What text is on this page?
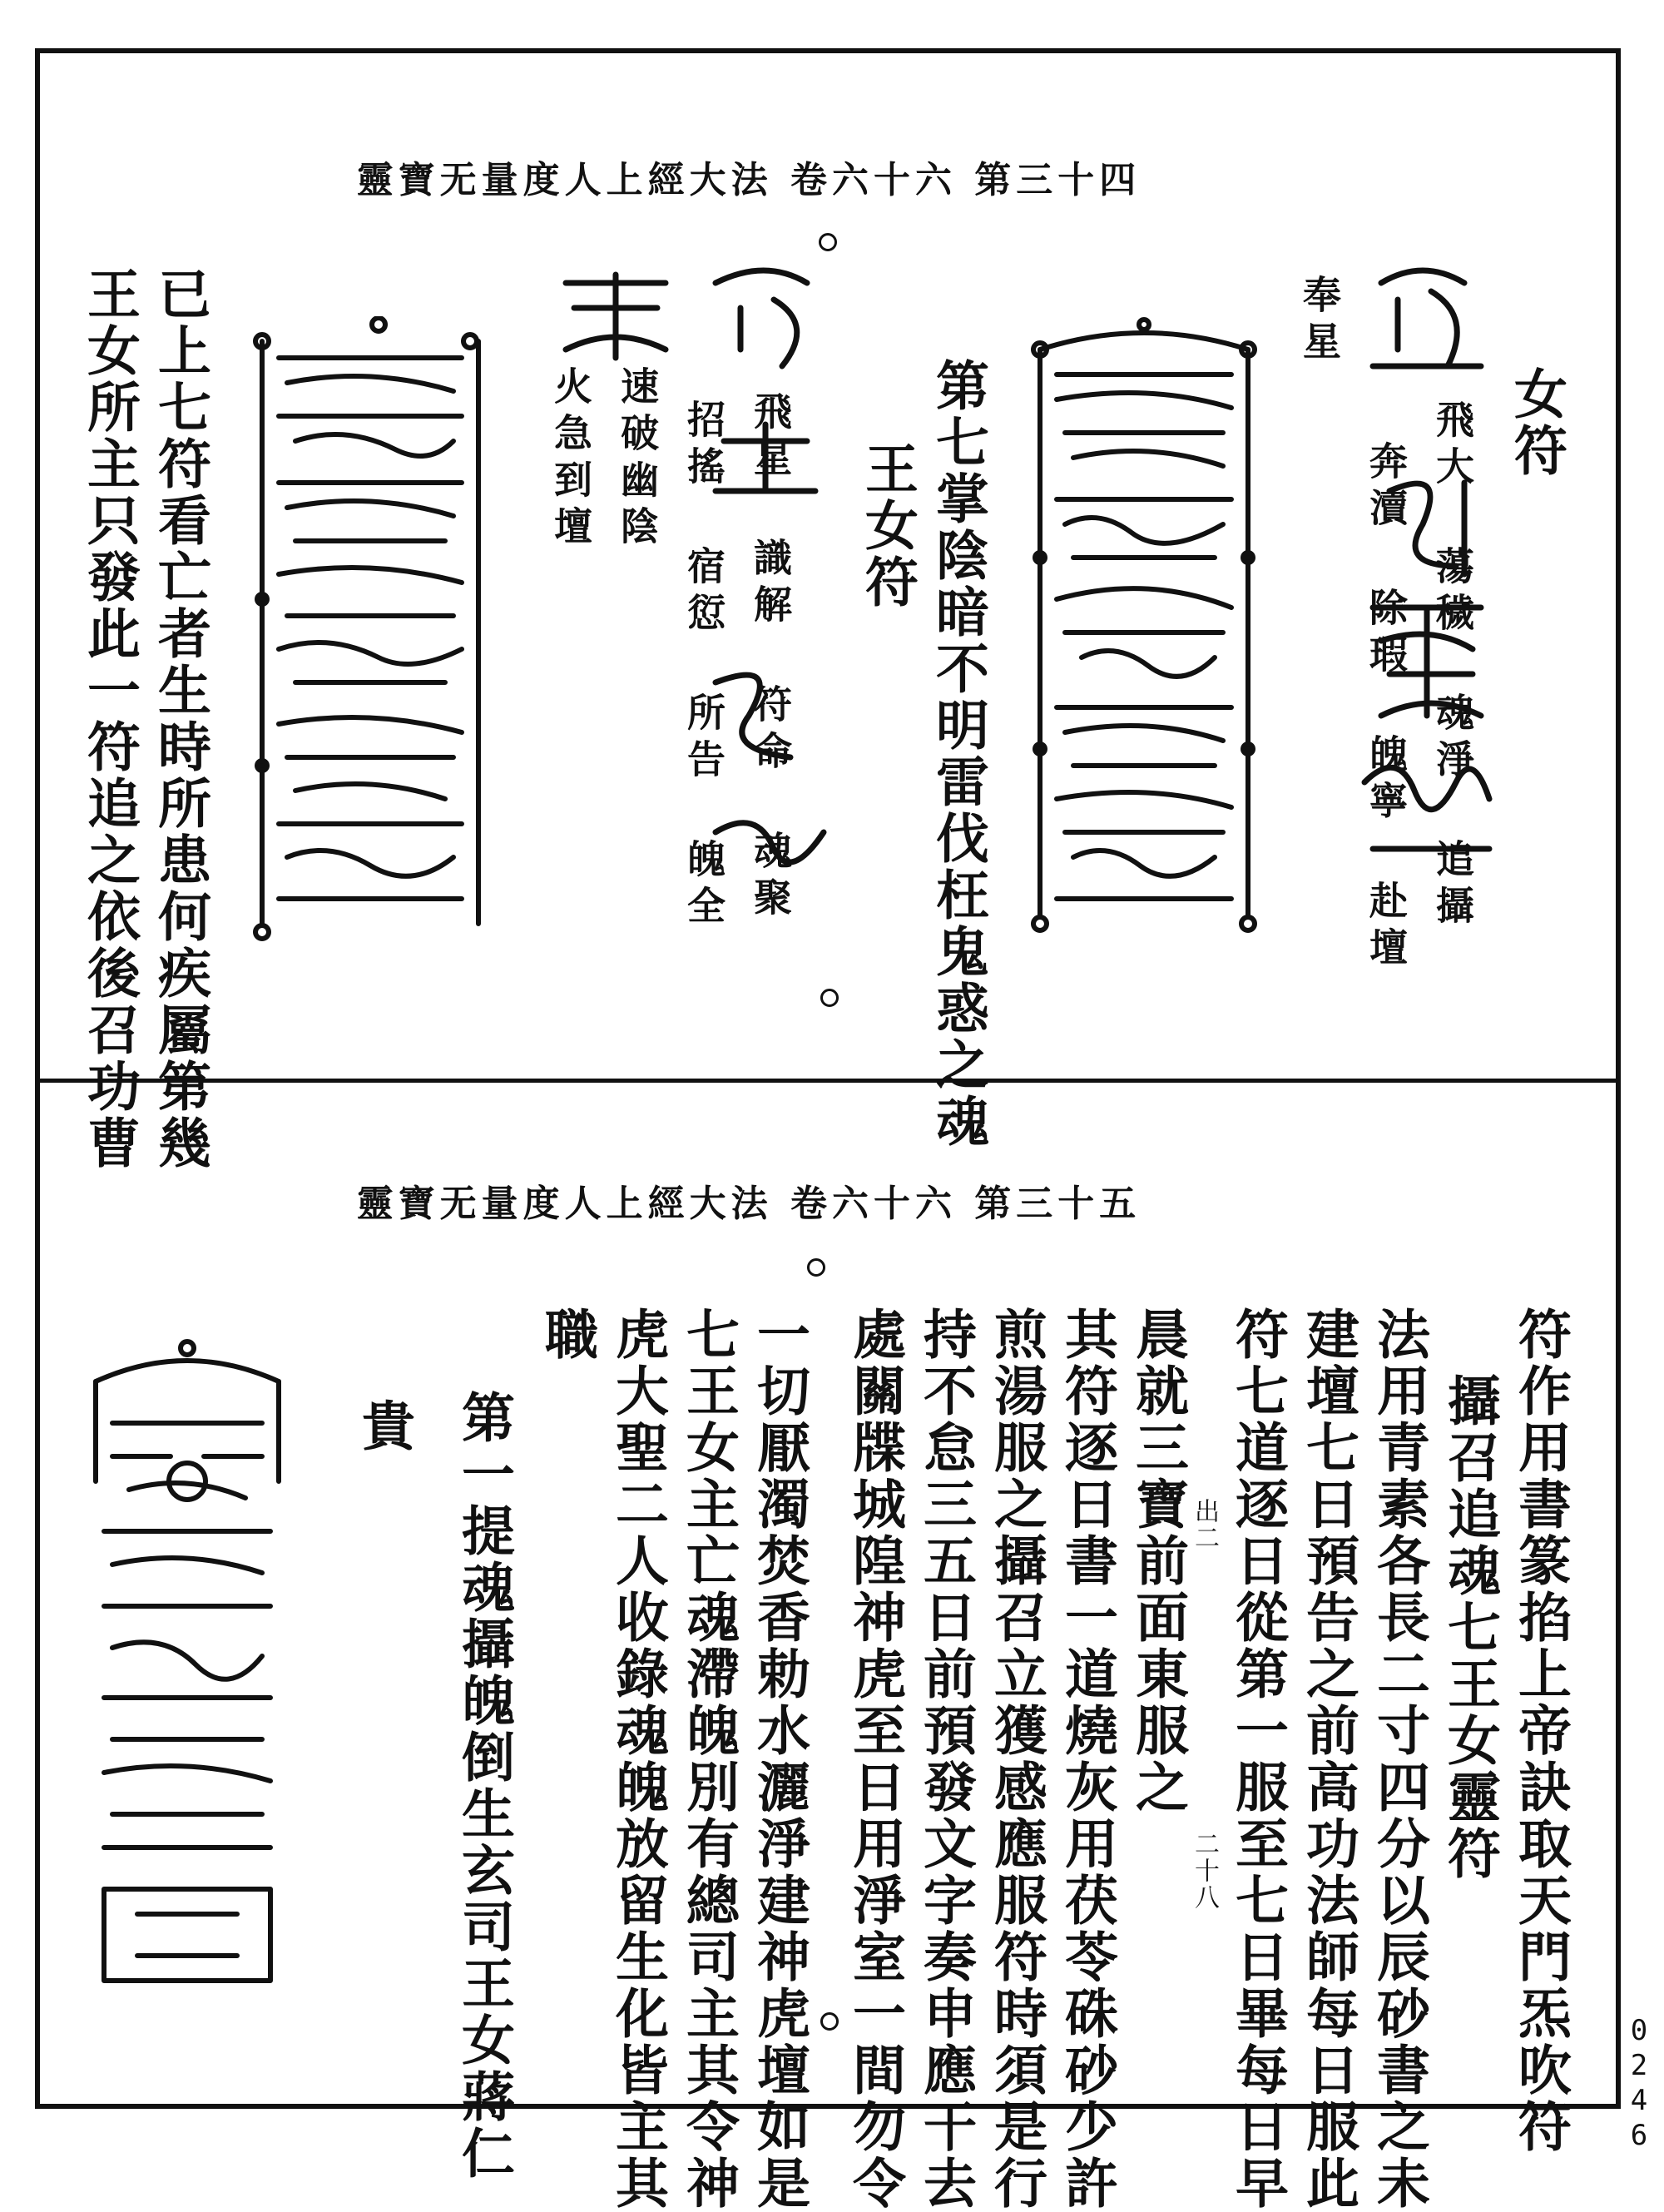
靈寶无量度人上經大法 卷六十六 第三十四
女符
飛大 蕩穢 魂淨 追攝
奔瀆 除瑕 魄寧 赴壇
奉星
第七掌陰暗不明雷伐枉鬼惑之魂
王女符
飛星 識解 符命 魂聚
招搖 宿愆 所告 魄全
速破幽陰
火急到壇
已上七符看亡者生時所患何疾屬第幾
王女所主只發此一符追之依後召功曹
靈寶无量度人上經大法 卷六十六 第三十五
符作用書篆掐上帝訣取天門炁吹符
攝召追魂七王女靈符
法用青素各長二寸四分以辰砂書之未
建壇七日預告之前高功法師每日服此
符七道逐日從第一服至七日畢每日早
晨就三寶前面東服之
其符逐日書一道燒灰用茯苓硃砂少許
煎湯服之攝召立獲感應服符時須是行
持不怠三五日前預發文字奏申應干去
處關牒城隍神虎至日用淨室一間勿令
一切厭濁焚香勅水灑淨建神虎壇如是
七王女主亡魂滯魄別有總司主其令神
虎大聖二人收錄魂魄放留生化皆主其
職
出二
二十八
第一提魂攝魄倒生玄司王女蔣仁
貴
0246
